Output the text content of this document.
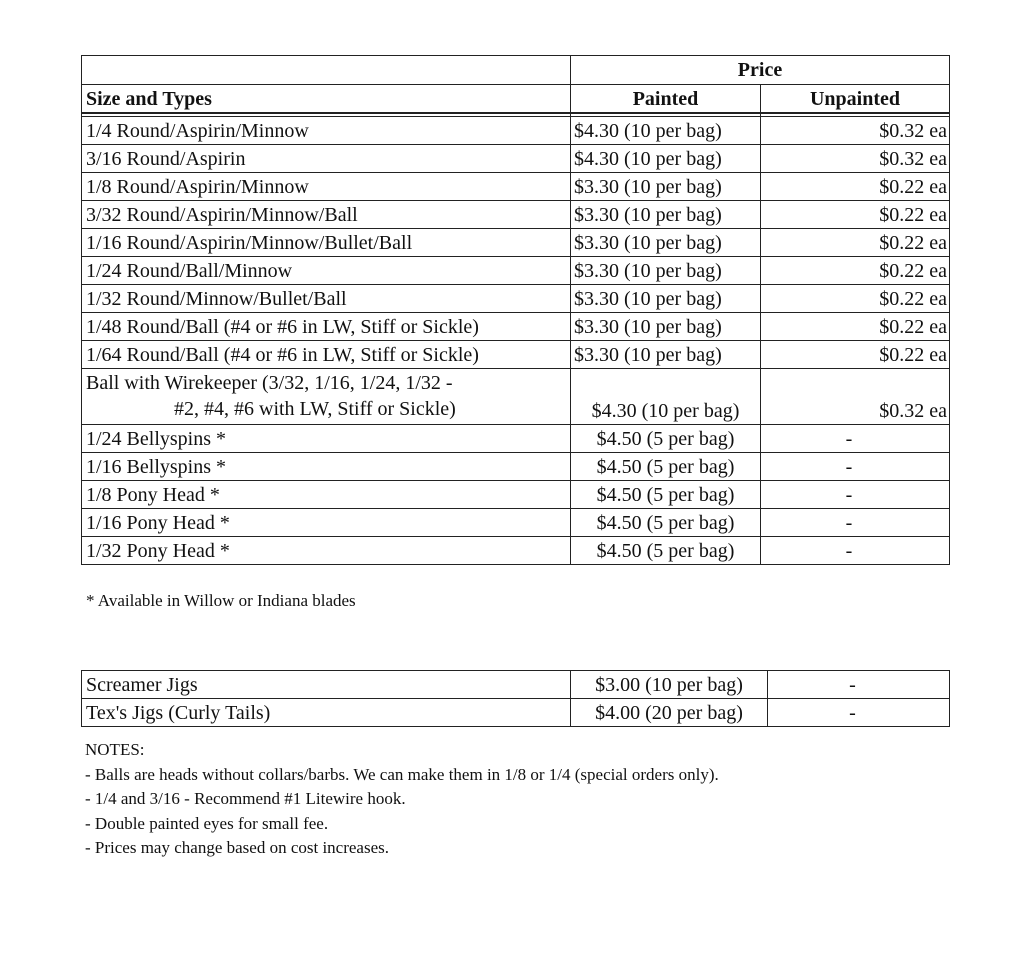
	Price	
Size and Types	Painted	Unpainted

1/4 Round/Aspirin/Minnow	$4.30 (10 per bag)	$0.32 ea
3/16 Round/Aspirin	$4.30 (10 per bag)	$0.32 ea
1/8 Round/Aspirin/Minnow	$3.30 (10 per bag)	$0.22 ea
3/32 Round/Aspirin/Minnow/Ball	$3.30 (10 per bag)	$0.22 ea
1/16 Round/Aspirin/Minnow/Bullet/Ball	$3.30 (10 per bag)	$0.22 ea
1/24 Round/Ball/Minnow	$3.30 (10 per bag)	$0.22 ea
1/32 Round/Minnow/Bullet/Ball	$3.30 (10 per bag)	$0.22 ea
1/48 Round/Ball (#4 or #6 in LW, Stiff or Sickle)	$3.30 (10 per bag)	$0.22 ea
1/64 Round/Ball (#4 or #6 in LW, Stiff or Sickle)	$3.30 (10 per bag)	$0.22 ea
Ball with Wirekeeper (3/32, 1/16, 1/24, 1/32 -
#2, #4, #6 with LW, Stiff or Sickle)	$4.30 (10 per bag)	$0.32 ea
1/24 Bellyspins *	$4.50 (5 per bag)	-
1/16 Bellyspins *	$4.50 (5 per bag)	-
1/8 Pony Head *	$4.50 (5 per bag)	-
1/16 Pony Head *	$4.50 (5 per bag)	-
1/32 Pony Head *	$4.50 (5 per bag)	-
* Available in Willow or Indiana blades
Screamer Jigs	$3.00 (10 per bag)	-
Tex's Jigs (Curly Tails)	$4.00 (20 per bag)	-
NOTES:
- Balls are heads without collars/barbs. We can make them in 1/8 or 1/4 (special orders only).
- 1/4 and 3/16 - Recommend #1 Litewire hook.
- Double painted eyes for small fee.
- Prices may change based on cost increases.
